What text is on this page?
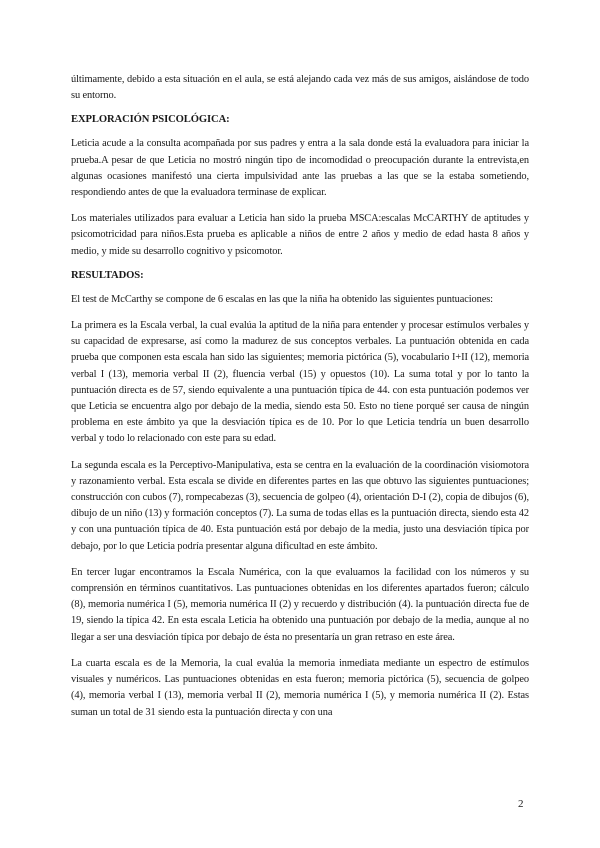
últimamente, debido a esta situación en el aula, se está alejando cada vez más de sus amigos, aislándose de todo su entorno.

EXPLORACIÓN PSICOLÓGICA:

Leticia acude a la consulta acompañada por sus padres y entra a la sala donde está la evaluadora para iniciar la prueba.A pesar de que Leticia no mostró ningún tipo de incomodidad o preocupación durante la entrevista,en algunas ocasiones manifestó una cierta impulsividad ante las pruebas a las que se la estaba sometiendo, respondiendo antes de que la evaluadora terminase de explicar.

Los materiales utilizados para evaluar a Leticia han sido la prueba MSCA:escalas McCARTHY de aptitudes y psicomotricidad para niños.Esta prueba es aplicable a niños de entre 2 años y medio de edad hasta 8 años y medio, y mide su desarrollo cognitivo y psicomotor.

RESULTADOS:

El test de McCarthy se compone de 6 escalas en las que la niña ha obtenido las siguientes puntuaciones:

La primera es la Escala verbal, la cual evalúa la aptitud de la niña para entender y procesar estímulos verbales y su capacidad de expresarse, así como la madurez de sus conceptos verbales. La puntuación obtenida en cada prueba que componen esta escala han sido las siguientes; memoria pictórica (5), vocabulario I+II (12), memoria verbal I (13), memoria verbal II (2), fluencia verbal (15) y opuestos (10). La suma total y por lo tanto la puntuación directa es de 57, siendo equivalente a una puntuación típica de 44. con esta puntuación podemos ver que Leticia se encuentra algo por debajo de la media, siendo esta 50. Esto no tiene porqué ser causa de ningún problema en este ámbito ya que la desviación típica es de 10. Por lo que Leticia tendría un buen desarrollo verbal y todo lo relacionado con este para su edad.

La segunda escala es la Perceptivo-Manipulativa, esta se centra en la evaluación de la coordinación visiomotora y razonamiento verbal. Esta escala se divide en diferentes partes en las que obtuvo las siguientes puntuaciones; construcción con cubos (7), rompecabezas (3), secuencia de golpeo (4), orientación D-I (2), copia de dibujos (6), dibujo de un niño (13) y formación conceptos (7). La suma de todas ellas es la puntuación directa, siendo esta 42 y con una puntuación típica de 40. Esta puntuación está por debajo de la media, justo una desviación típica por debajo, por lo que Leticia podría presentar alguna dificultad en este ámbito.

En tercer lugar encontramos la Escala Numérica, con la que evaluamos la facilidad con los números y su comprensión en términos cuantitativos. Las puntuaciones obtenidas en los diferentes apartados fueron; cálculo (8), memoria numérica I (5), memoria numérica II (2) y recuerdo y distribución (4). la puntuación directa fue de 19, siendo la típica 42. En esta escala Leticia ha obtenido una puntuación por debajo de la media, aunque al no llegar a ser una desviación típica por debajo de ésta no presentaría un gran retraso en este área.

La cuarta escala es de la Memoria, la cual evalúa la memoria inmediata mediante un espectro de estímulos visuales y numéricos. Las puntuaciones obtenidas en esta fueron; memoria pictórica (5), secuencia de golpeo (4), memoria verbal I (13), memoria verbal II (2), memoria numérica I (5), y memoria numérica II (2). Estas suman un total de 31 siendo esta la puntuación directa y con una

2
